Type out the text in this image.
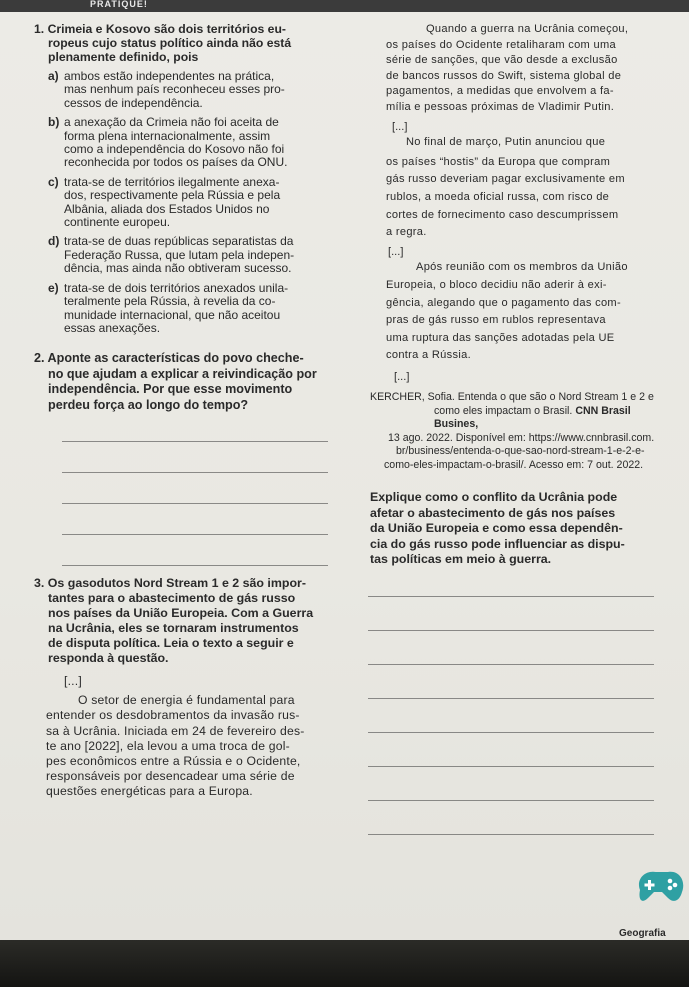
PRATIQUE!

1. Crimeia e Kosovo são dois territórios eu-

ropeus cujo status político ainda não está

plenamente definido, pois

a) ambos estão independentes na prática,
mas nenhum país reconheceu esses pro-
cessos de independência.
b) a anexação da Crimeia não foi aceita de
forma plena internacionalmente, assim
como a independência do Kosovo não foi
reconhecida por todos os países da ONU.
c) trata-se de territórios ilegalmente anexa-
dos, respectivamente pela Rússia e pela
Albânia, aliada dos Estados Unidos no
continente europeu.
d) trata-se de duas repúblicas separatistas da
Federação Russa, que lutam pela indepen-
dência, mas ainda não obtiveram sucesso.
e) trata-se de dois territórios anexados unila-
teralmente pela Rússia, à revelia da co-
munidade internacional, que não aceitou
essas anexações.

2. Aponte as características do povo cheche-

no que ajudam a explicar a reivindicação por

independência. Por que esse movimento

perdeu força ao longo do tempo?

3. Os gasodutos Nord Stream 1 e 2 são impor-

tantes para o abastecimento de gás russo

nos países da União Europeia. Com a Guerra

na Ucrânia, eles se tornaram instrumentos

de disputa política. Leia o texto a seguir e

responda à questão.

[...]

O setor de energia é fundamental para

entender os desdobramentos da invasão rus-

sa à Ucrânia. Iniciada em 24 de fevereiro des-

te ano [2022], ela levou a uma troca de gol-

pes econômicos entre a Rússia e o Ocidente,

responsáveis por desencadear uma série de

questões energéticas para a Europa.

Quando a guerra na Ucrânia começou,

os países do Ocidente retaliharam com uma

série de sanções, que vão desde a exclusão

de bancos russos do Swift, sistema global de

pagamentos, a medidas que envolvem a fa-

mília e pessoas próximas de Vladimir Putin.

[...]

No final de março, Putin anunciou que

os países “hostis” da Europa que compram

gás russo deveriam pagar exclusivamente em

rublos, a moeda oficial russa, com risco de

cortes de fornecimento caso descumprissem

a regra.

[...]

Após reunião com os membros da União

Europeia, o bloco decidiu não aderir à exi-

gência, alegando que o pagamento das com-

pras de gás russo em rublos representava

uma ruptura das sanções adotadas pela UE

contra a Rússia.

[...]

KERCHER, Sofia. Entenda o que são o Nord Stream 1 e 2 e

como eles impactam o Brasil. CNN Brasil Busines,

13 ago. 2022. Disponível em: https://www.cnnbrasil.com.

br/business/entenda-o-que-sao-nord-stream-1-e-2-e-

como-eles-impactam-o-brasil/. Acesso em: 7 out. 2022.

Explique como o conflito da Ucrânia pode

afetar o abastecimento de gás nos países

da União Europeia e como essa dependên-

cia do gás russo pode influenciar as dispu-

tas políticas em meio à guerra.

Geografia
